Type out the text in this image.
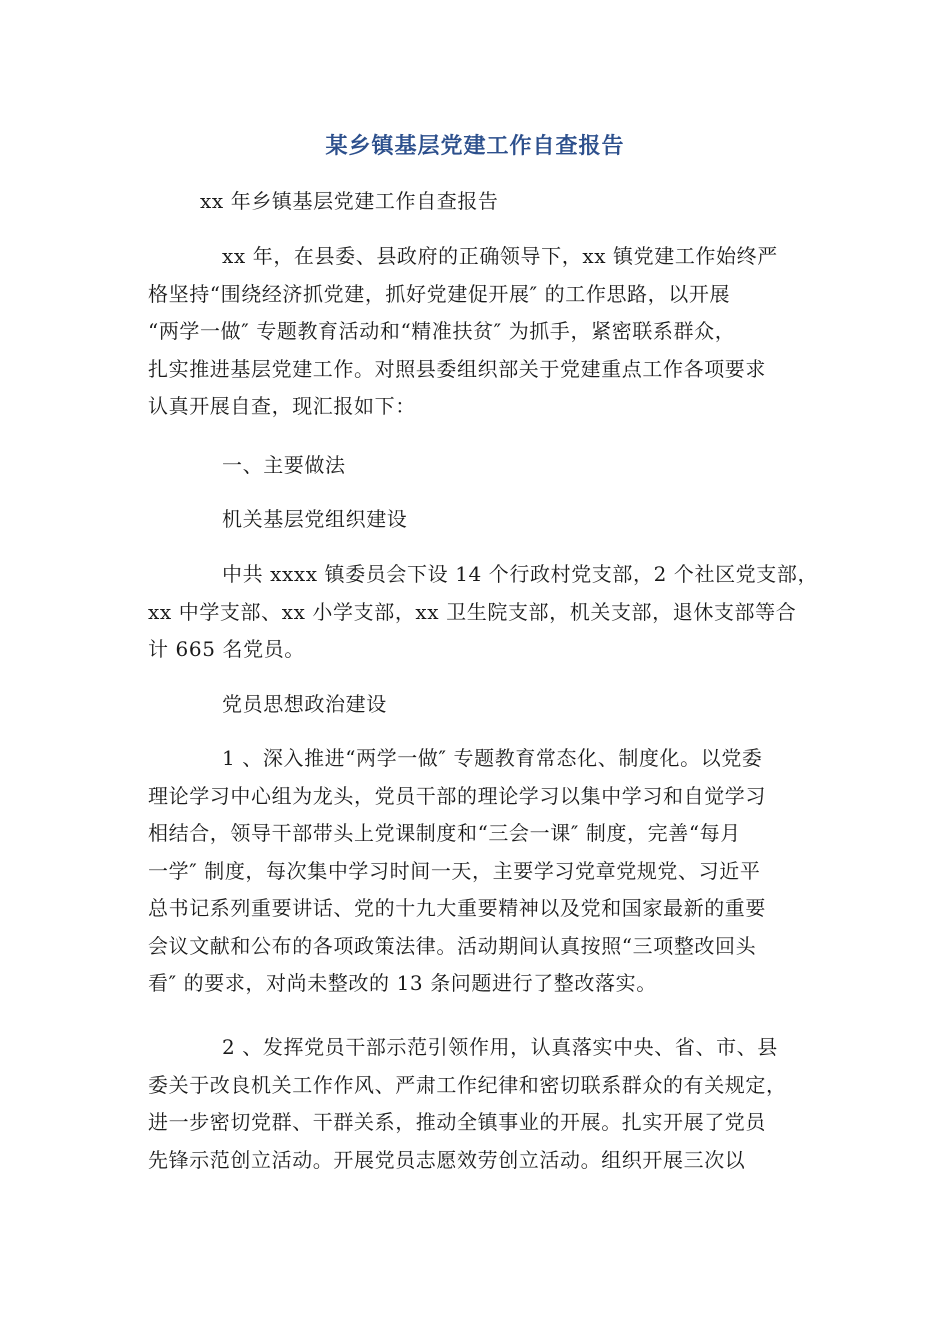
某乡镇基层党建工作自查报告
xx 年乡镇基层党建工作自查报告
xx 年，在县委、县政府的正确领导下，xx 镇党建工作始终严
格坚持“围绕经济抓党建，抓好党建促开展″ 的工作思路，以开展
“两学一做″ 专题教育活动和“精准扶贫″ 为抓手，紧密联系群众，
扎实推进基层党建工作。对照县委组织部关于党建重点工作各项要求
认真开展自查，现汇报如下：
一、主要做法
机关基层党组织建设
中共 xxxx 镇委员会下设 14 个行政村党支部，2 个社区党支部，
xx 中学支部、xx 小学支部，xx 卫生院支部，机关支部，退休支部等合
计 665 名党员。
党员思想政治建设
1 、深入推进“两学一做″ 专题教育常态化、制度化。以党委
理论学习中心组为龙头，党员干部的理论学习以集中学习和自觉学习
相结合，领导干部带头上党课制度和“三会一课″ 制度，完善“每月
一学″ 制度，每次集中学习时间一天，主要学习党章党规党、习近平
总书记系列重要讲话、党的十九大重要精神以及党和国家最新的重要
会议文献和公布的各项政策法律。活动期间认真按照“三项整改回头
看″ 的要求，对尚未整改的 13 条问题进行了整改落实。
2 、发挥党员干部示范引领作用，认真落实中央、省、市、县
委关于改良机关工作作风、严肃工作纪律和密切联系群众的有关规定，
进一步密切党群、干群关系，推动全镇事业的开展。扎实开展了党员
先锋示范创立活动。开展党员志愿效劳创立活动。组织开展三次以
